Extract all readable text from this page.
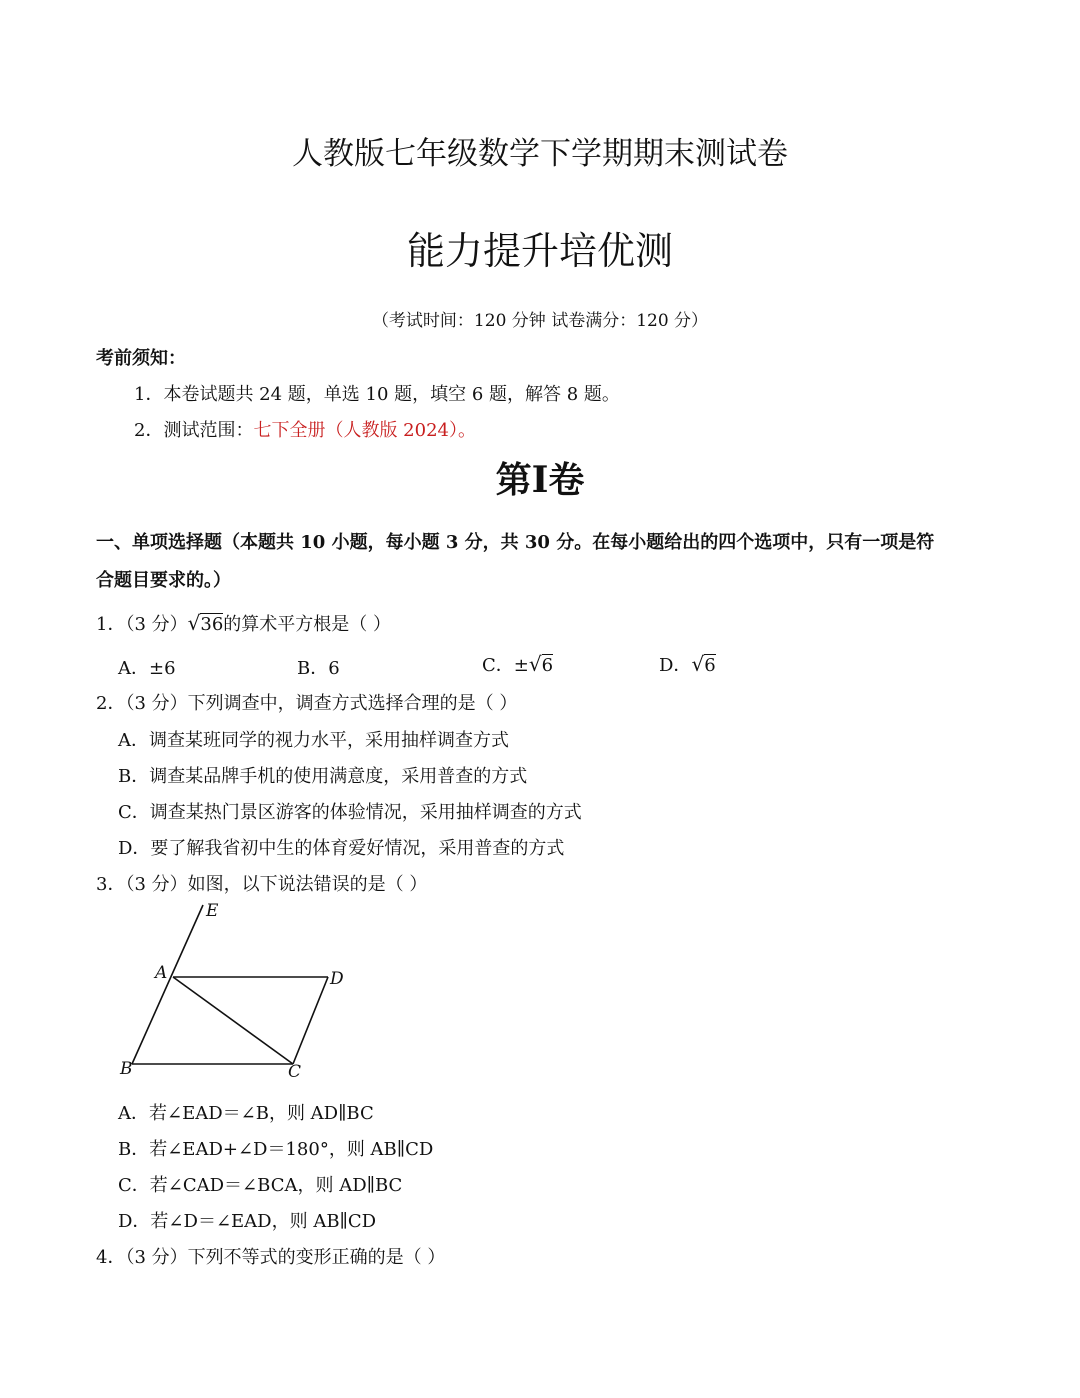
人教版七年级数学下学期期末测试卷
能力提升培优测
（考试时间：120 分钟 试卷满分：120 分）
考前须知：
1．本卷试题共 24 题，单选 10 题，填空 6 题，解答 8 题。
2．测试范围：七下全册（人教版 2024）。
第I卷
一、单项选择题（本题共 10 小题，每小题 3 分，共 30 分。在每小题给出的四个选项中，只有一项是符
合题目要求的。）
1．（3 分）√36的算术平方根是（ ）
A．±6	B．6	C．±√6	D．√6
2．（3 分）下列调查中，调查方式选择合理的是（ ）
A．调查某班同学的视力水平，采用抽样调查方式
B．调查某品牌手机的使用满意度，采用普查的方式
C．调查某热门景区游客的体验情况，采用抽样调查的方式
D．要了解我省初中生的体育爱好情况，采用普查的方式
3．（3 分）如图，以下说法错误的是（ ）
E
A	D
B	C
A．若∠EAD＝∠B，则 AD∥BC
B．若∠EAD+∠D＝180°，则 AB∥CD
C．若∠CAD＝∠BCA，则 AD∥BC
D．若∠D＝∠EAD，则 AB∥CD
4．（3 分）下列不等式的变形正确的是（ ）
